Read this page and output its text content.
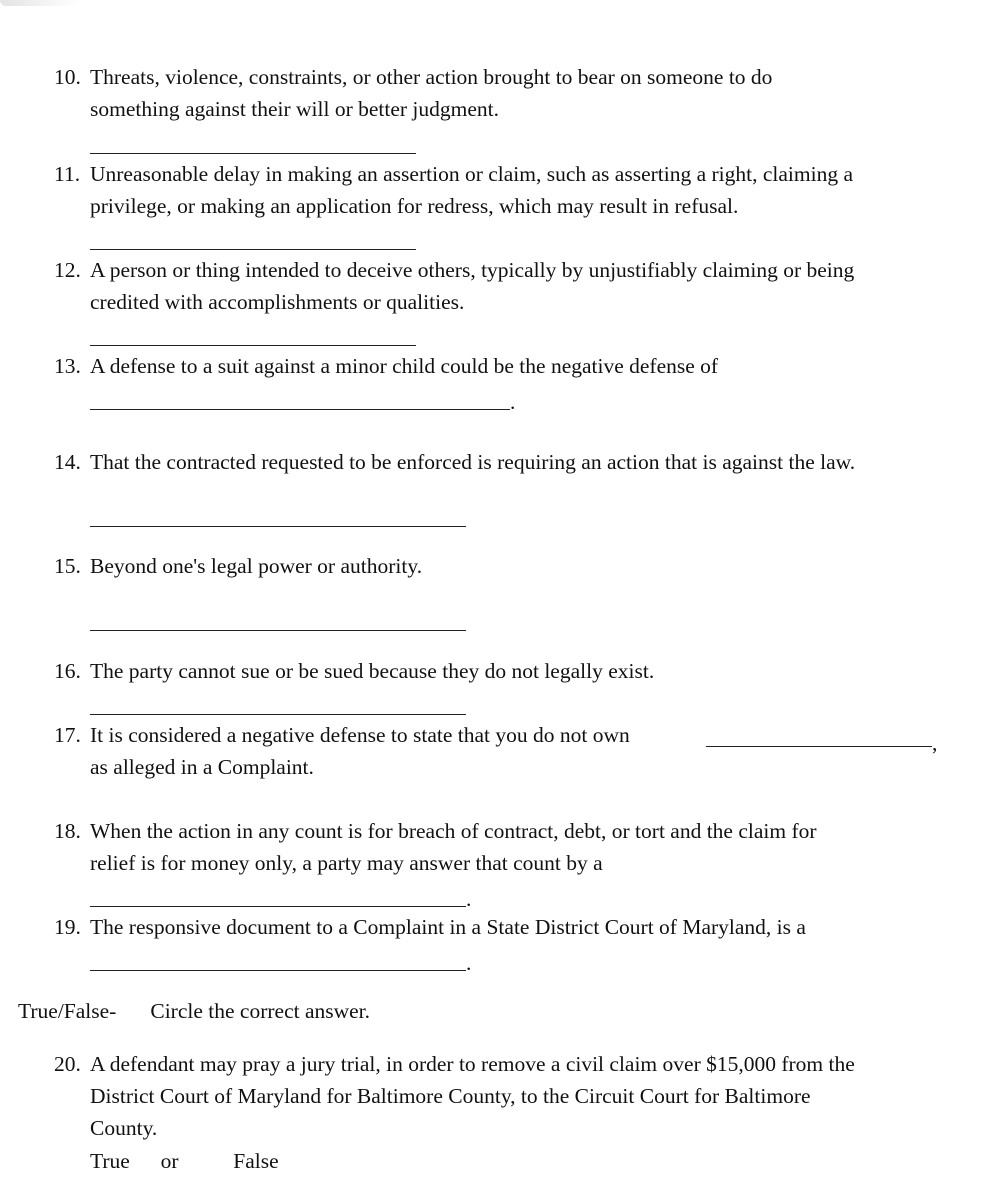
10. Threats, violence, constraints, or other action brought to bear on someone to do
something against their will or better judgment.
11. Unreasonable delay in making an assertion or claim, such as asserting a right, claiming a
privilege, or making an application for redress, which may result in refusal.
12. A person or thing intended to deceive others, typically by unjustifiably claiming or being
credited with accomplishments or qualities.
13. A defense to a suit against a minor child could be the negative defense of
.
14. That the contracted requested to be enforced is requiring an action that is against the law.
15. Beyond one's legal power or authority.
16. The party cannot sue or be sued because they do not legally exist.
17. It is considered a negative defense to state that you do not own
as alleged in a Complaint.
,
18. When the action in any count is for breach of contract, debt, or tort and the claim for
relief is for money only, a party may answer that count by a
.
19. The responsive document to a Complaint in a State District Court of Maryland, is a
.
True/False- Circle the correct answer.
20. A defendant may pray a jury trial, in order to remove a civil claim over $15,000 from the
District Court of Maryland for Baltimore County, to the Circuit Court for Baltimore
County.
True or	False
